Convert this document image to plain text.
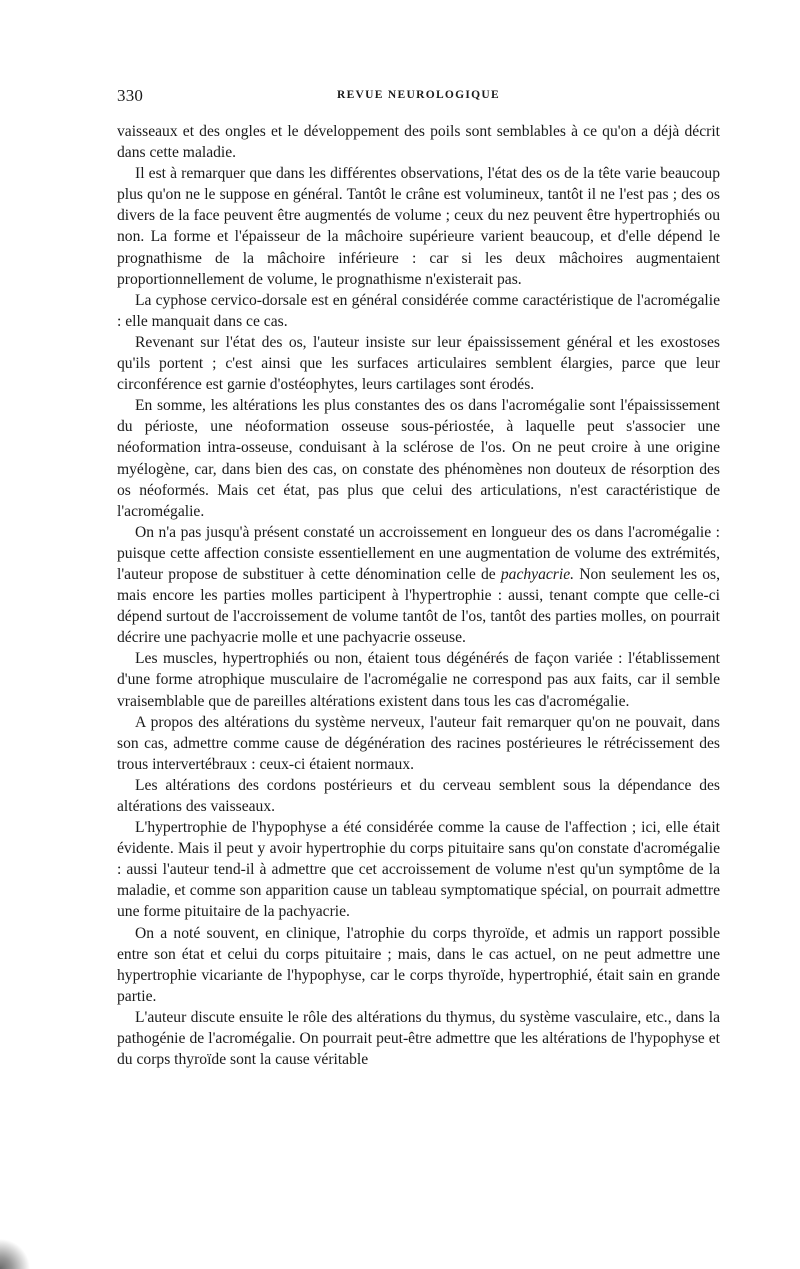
330	REVUE NEUROLOGIQUE

vaisseaux et des ongles et le développement des poils sont semblables à ce qu'on a déjà décrit dans cette maladie.

Il est à remarquer que dans les différentes observations, l'état des os de la tête varie beaucoup plus qu'on ne le suppose en général. Tantôt le crâne est volumineux, tantôt il ne l'est pas ; des os divers de la face peuvent être augmentés de volume ; ceux du nez peuvent être hypertrophiés ou non. La forme et l'épaisseur de la mâchoire supérieure varient beaucoup, et d'elle dépend le prognathisme de la mâchoire inférieure : car si les deux mâchoires augmentaient proportionnellement de volume, le prognathisme n'existerait pas.

La cyphose cervico-dorsale est en général considérée comme caractéristique de l'acromégalie : elle manquait dans ce cas.

Revenant sur l'état des os, l'auteur insiste sur leur épaississement général et les exostoses qu'ils portent ; c'est ainsi que les surfaces articulaires semblent élargies, parce que leur circonférence est garnie d'ostéophytes, leurs cartilages sont érodés.

En somme, les altérations les plus constantes des os dans l'acromégalie sont l'épaississement du périoste, une néoformation osseuse sous-périostée, à laquelle peut s'associer une néoformation intra-osseuse, conduisant à la sclérose de l'os. On ne peut croire à une origine myélogène, car, dans bien des cas, on constate des phénomènes non douteux de résorption des os néoformés. Mais cet état, pas plus que celui des articulations, n'est caractéristique de l'acromégalie.

On n'a pas jusqu'à présent constaté un accroissement en longueur des os dans l'acromégalie : puisque cette affection consiste essentiellement en une augmentation de volume des extrémités, l'auteur propose de substituer à cette dénomination celle de pachyacrie. Non seulement les os, mais encore les parties molles participent à l'hypertrophie : aussi, tenant compte que celle-ci dépend surtout de l'accroissement de volume tantôt de l'os, tantôt des parties molles, on pourrait décrire une pachyacrie molle et une pachyacrie osseuse.

Les muscles, hypertrophiés ou non, étaient tous dégénérés de façon variée : l'établissement d'une forme atrophique musculaire de l'acromégalie ne correspond pas aux faits, car il semble vraisemblable que de pareilles altérations existent dans tous les cas d'acromégalie.

A propos des altérations du système nerveux, l'auteur fait remarquer qu'on ne pouvait, dans son cas, admettre comme cause de dégénération des racines postérieures le rétrécissement des trous intervertébraux : ceux-ci étaient normaux.

Les altérations des cordons postérieurs et du cerveau semblent sous la dépendance des altérations des vaisseaux.

L'hypertrophie de l'hypophyse a été considérée comme la cause de l'affection ; ici, elle était évidente. Mais il peut y avoir hypertrophie du corps pituitaire sans qu'on constate d'acromégalie : aussi l'auteur tend-il à admettre que cet accroissement de volume n'est qu'un symptôme de la maladie, et comme son apparition cause un tableau symptomatique spécial, on pourrait admettre une forme pituitaire de la pachyacrie.

On a noté souvent, en clinique, l'atrophie du corps thyroïde, et admis un rapport possible entre son état et celui du corps pituitaire ; mais, dans le cas actuel, on ne peut admettre une hypertrophie vicariante de l'hypophyse, car le corps thyroïde, hypertrophié, était sain en grande partie.

L'auteur discute ensuite le rôle des altérations du thymus, du système vasculaire, etc., dans la pathogénie de l'acromégalie. On pourrait peut-être admettre que les altérations de l'hypophyse et du corps thyroïde sont la cause véritable
